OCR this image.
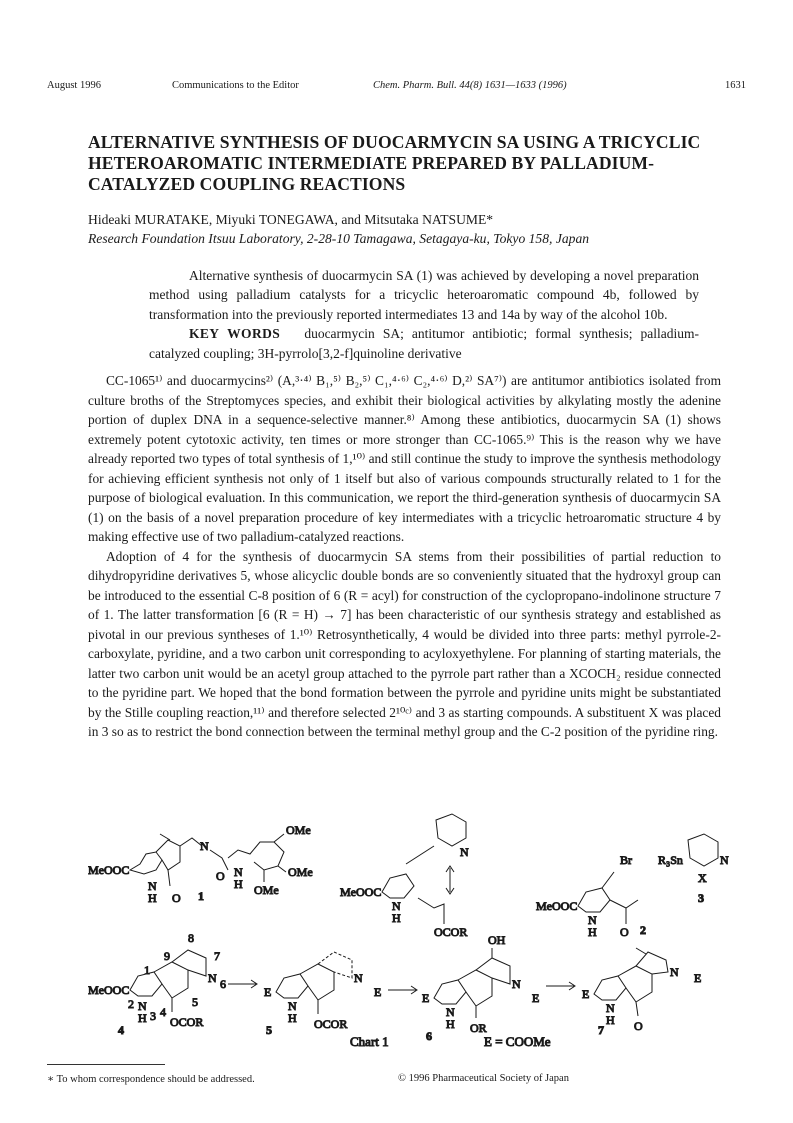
August 1996	Communications to the Editor	Chem. Pharm. Bull. 44(8) 1631—1633 (1996)	1631
ALTERNATIVE SYNTHESIS OF DUOCARMYCIN SA USING A TRICYCLIC HETEROAROMATIC INTERMEDIATE PREPARED BY PALLADIUM-CATALYZED COUPLING REACTIONS
Hideaki MURATAKE, Miyuki TONEGAWA, and Mitsutaka NATSUME*
Research Foundation Itsuu Laboratory, 2-28-10 Tamagawa, Setagaya-ku, Tokyo 158, Japan

Alternative synthesis of duocarmycin SA (1) was achieved by developing a novel preparation method using palladium catalysts for a tricyclic heteroaromatic compound 4b, followed by transformation into the previously reported intermediates 13 and 14a by way of the alcohol 10b.

KEY WORDS duocarmycin SA; antitumor antibiotic; formal synthesis; palladium-catalyzed coupling; 3H-pyrrolo[3,2-f]quinoline derivative

CC-1065¹⁾ and duocarmycins²⁾ (A,³·⁴⁾ B₁,⁵⁾ B₂,⁵⁾ C₁,⁴·⁶⁾ C₂,⁴·⁶⁾ D,²⁾ SA⁷⁾) are antitumor antibiotics isolated from culture broths of the Streptomyces species, and exhibit their biological activities by alkylating mostly the adenine portion of duplex DNA in a sequence-selective manner.⁸⁾ Among these antibiotics, duocarmycin SA (1) shows extremely potent cytotoxic activity, ten times or more stronger than CC-1065.⁹⁾ This is the reason why we have already reported two types of total synthesis of 1,¹⁰⁾ and still continue the study to improve the synthesis methodology for achieving efficient synthesis not only of 1 itself but also of various compounds structurally related to 1 for the purpose of biological evaluation. In this communication, we report the third-generation synthesis of duocarmycin SA (1) on the basis of a novel preparation procedure of key intermediates with a tricyclic hetroaromatic structure 4 by making effective use of two palladium-catalyzed reactions.

Adoption of 4 for the synthesis of duocarmycin SA stems from their possibilities of partial reduction to dihydropyridine derivatives 5, whose alicyclic double bonds are so conveniently situated that the hydroxyl group can be introduced to the essential C-8 position of 6 (R = acyl) for construction of the cyclopropano-indolinone structure 7 of 1. The latter transformation [6 (R = H) → 7] has been characteristic of our synthesis strategy and established as pivotal in our previous syntheses of 1.¹⁰⁾ Retrosynthetically, 4 would be divided into three parts: methyl pyrrole-2-carboxylate, pyridine, and a two carbon unit corresponding to acyloxyethylene. For planning of starting materials, the latter two carbon unit would be an acetyl group attached to the pyrrole part rather than a XCOCH₂ residue connected to the pyridine part. We hoped that the bond formation between the pyrrole and pyridine units might be substantiated by the Stille coupling reaction,¹¹⁾ and therefore selected 2¹⁰ᶜ⁾ and 3 as starting compounds. A substituent X was placed in 3 so as to restrict the bond connection between the terminal methyl group and the C-2 position of the pyridine ring.

MeOOC
N
H O
N
O N
H
OMe
OMe
OMe
1
N
MeOOC
N
H
OCOR
Br
MeOOC
N
H O 2
R₃Sn	N
X
3
8
9	7
1
MeOOC
N 6
N
2
H 3 4
5
OCOR
4
E
N
E
N
H OCOR
5
OH
E
N
E
N
H OR
6
E
N E
N
H O
7
Chart 1	E = COOMe
∗ To whom correspondence should be addressed.	© 1996 Pharmaceutical Society of Japan
